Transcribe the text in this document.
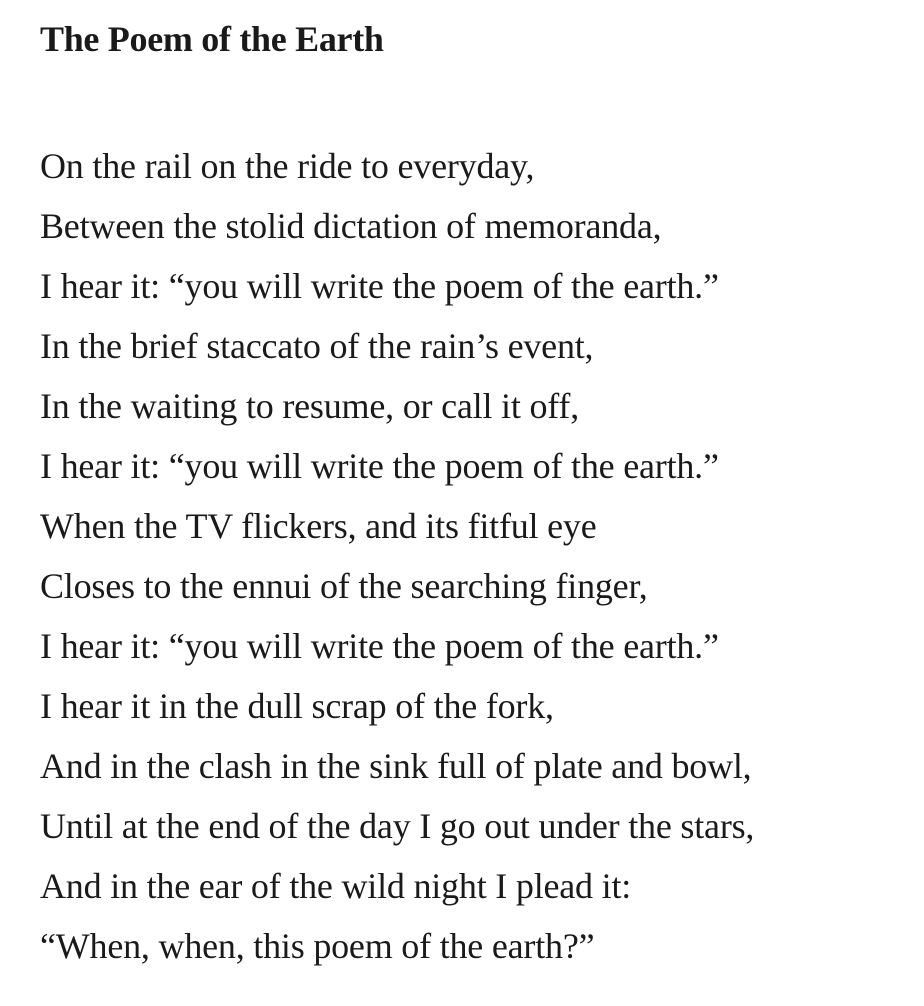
The Poem of the Earth
On the rail on the ride to everyday,
Between the stolid dictation of memoranda,
I hear it: “you will write the poem of the earth.”
In the brief staccato of the rain’s event,
In the waiting to resume, or call it off,
I hear it: “you will write the poem of the earth.”
When the TV flickers, and its fitful eye
Closes to the ennui of the searching finger,
I hear it: “you will write the poem of the earth.”
I hear it in the dull scrap of the fork,
And in the clash in the sink full of plate and bowl,
Until at the end of the day I go out under the stars,
And in the ear of the wild night I plead it:
“When, when, this poem of the earth?”
